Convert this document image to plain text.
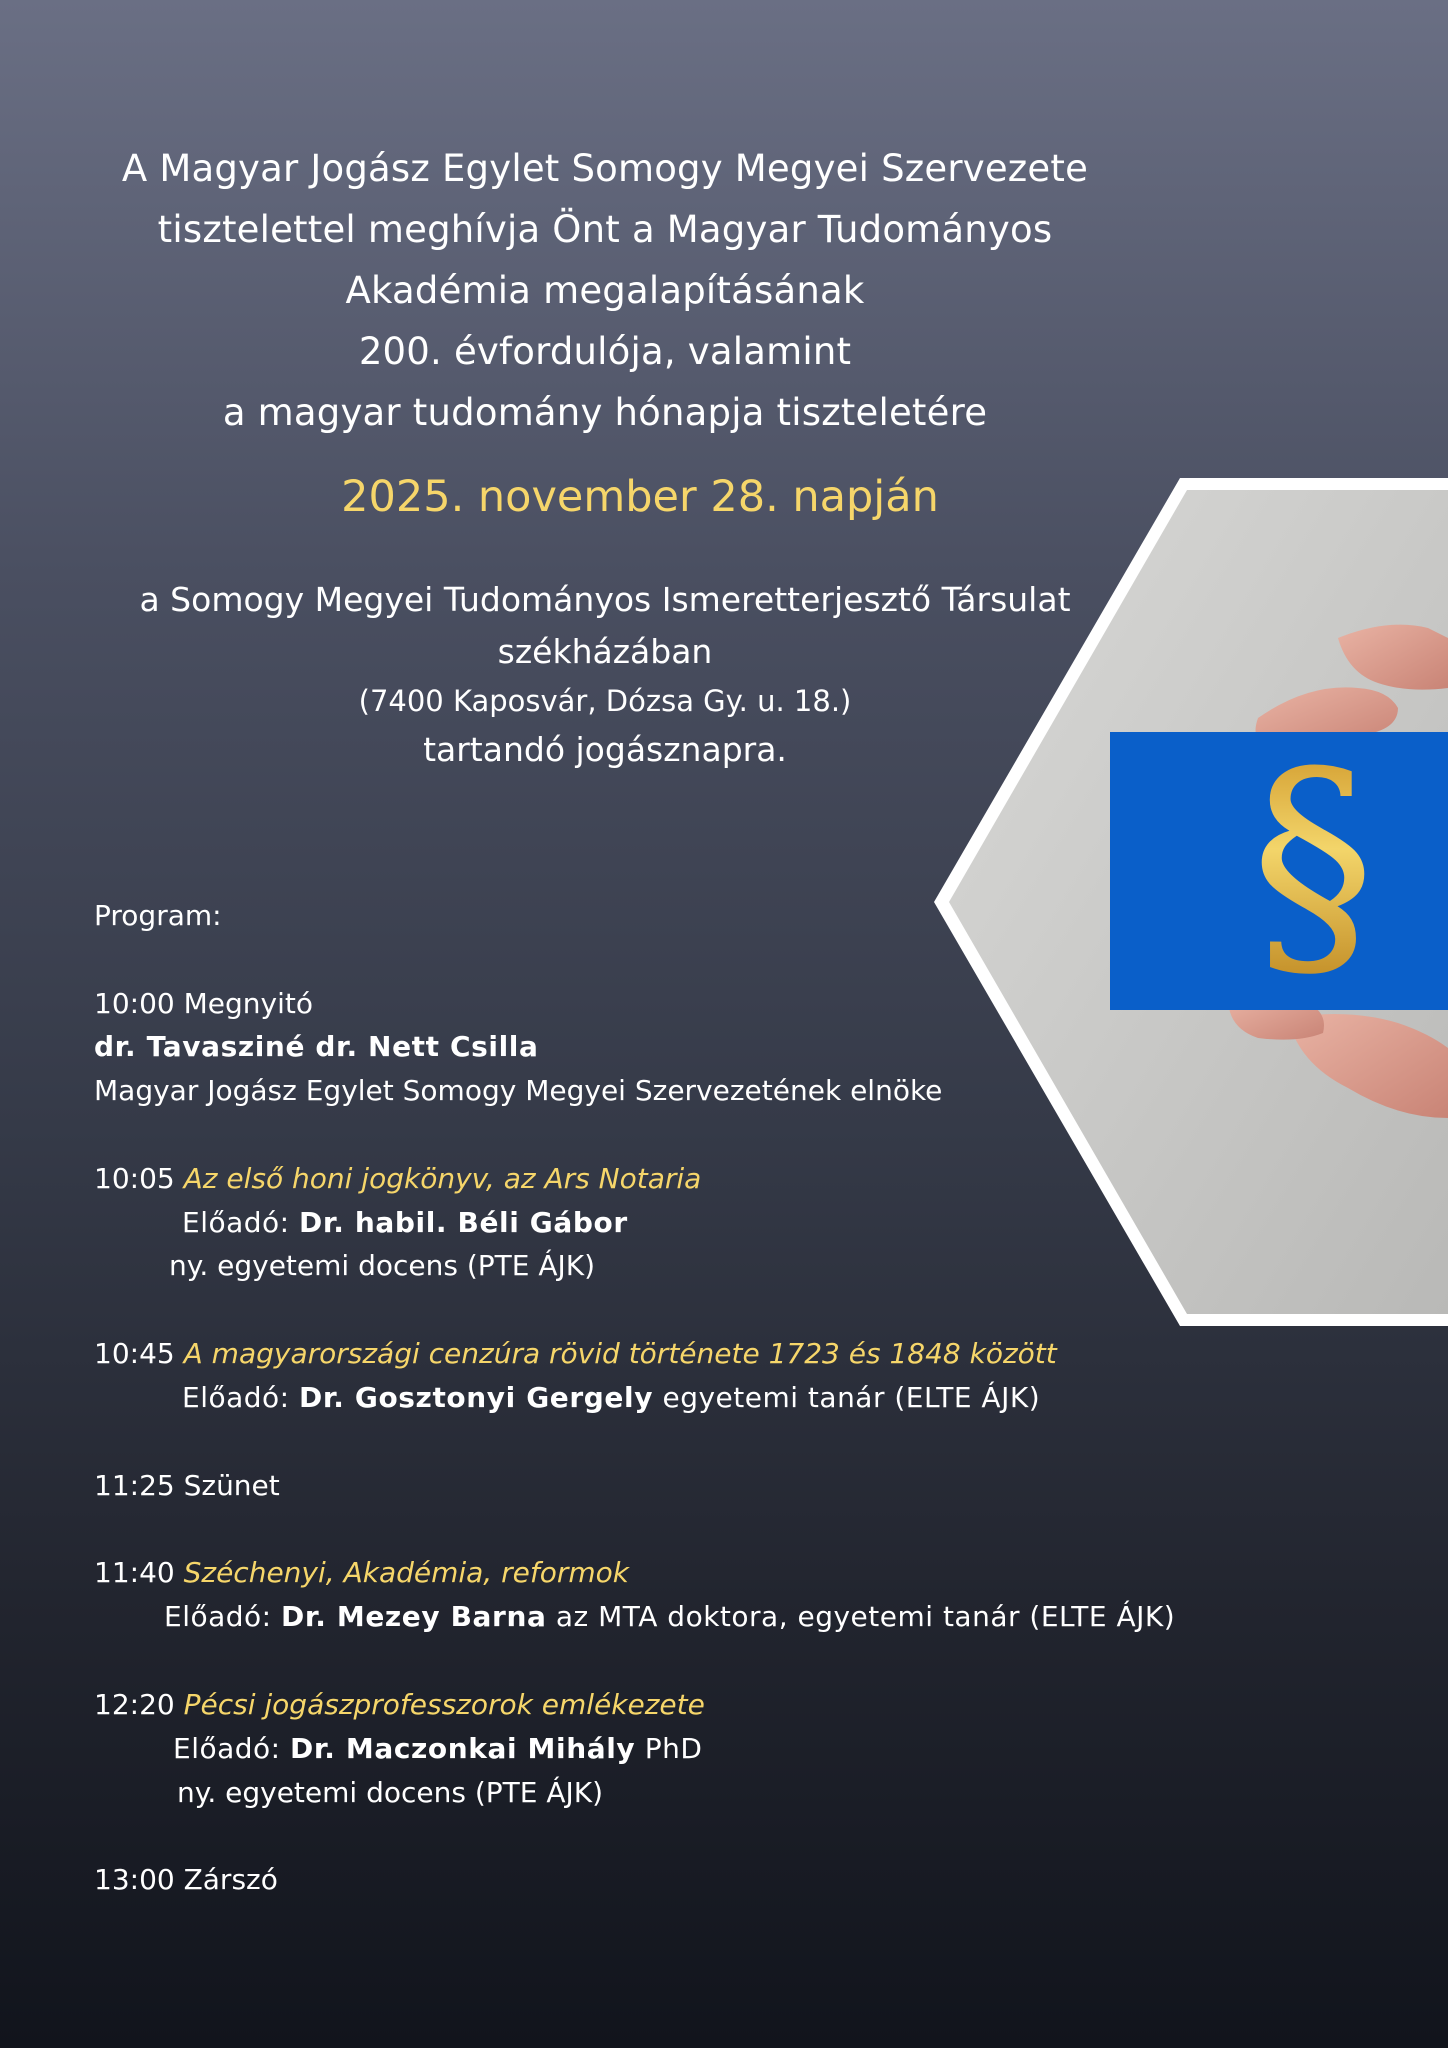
A Magyar Jogász Egylet Somogy Megyei Szervezete
tisztelettel meghívja Önt a Magyar Tudományos
Akadémia megalapításának
200. évfordulója, valamint
a magyar tudomány hónapja tiszteletére
2025. november 28. napján
a Somogy Megyei Tudományos Ismeretterjesztő Társulat
székházában
(7400 Kaposvár, Dózsa Gy. u. 18.)
tartandó jogásznapra.	§
Program:
10:00 Megnyitó
dr. Tavasziné dr. Nett Csilla
Magyar Jogász Egylet Somogy Megyei Szervezetének elnöke
10:05 Az első honi jogkönyv, az Ars Notaria
Előadó: Dr. habil. Béli Gábor
ny. egyetemi docens (PTE ÁJK)
10:45 A magyarországi cenzúra rövid története 1723 és 1848 között
Előadó: Dr. Gosztonyi Gergely egyetemi tanár (ELTE ÁJK)
11:25 Szünet
11:40 Széchenyi, Akadémia, reformok
Előadó: Dr. Mezey Barna az MTA doktora, egyetemi tanár (ELTE ÁJK)
12:20 Pécsi jogászprofesszorok emlékezete
Előadó: Dr. Maczonkai Mihály PhD
ny. egyetemi docens (PTE ÁJK)
13:00 Zárszó
